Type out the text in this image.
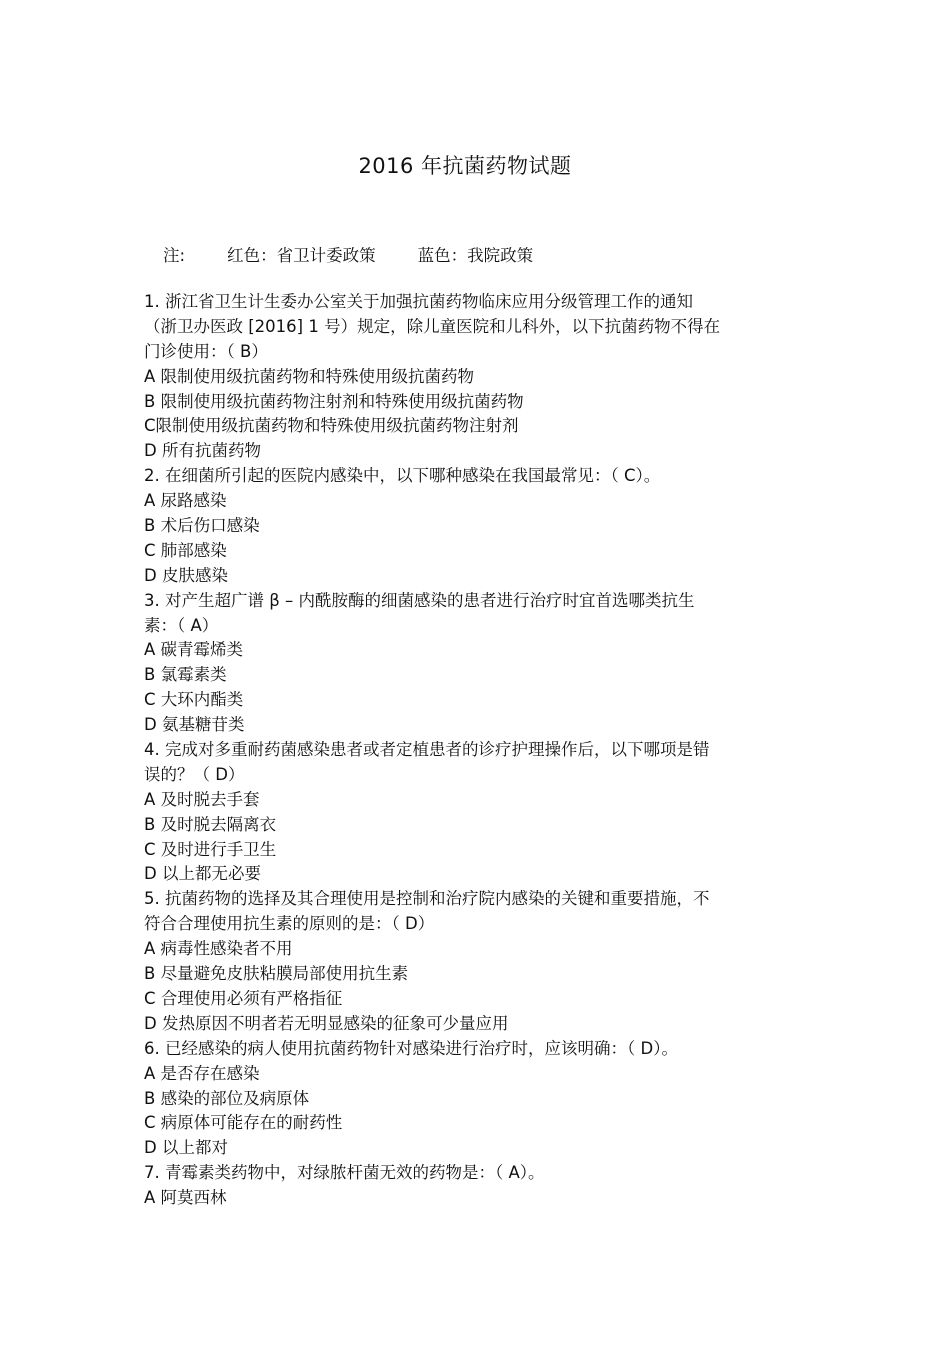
2016 年抗菌药物试题
注:	红色：省卫计委政策	蓝色：我院政策
1. 浙江省卫生计生委办公室关于加强抗菌药物临床应用分级管理工作的通知
（浙卫办医政 [2016] 1 号）规定，除儿童医院和儿科外，以下抗菌药物不得在
门诊使用：（ B）
A 限制使用级抗菌药物和特殊使用级抗菌药物
B 限制使用级抗菌药物注射剂和特殊使用级抗菌药物
C限制使用级抗菌药物和特殊使用级抗菌药物注射剂
D 所有抗菌药物
2. 在细菌所引起的医院内感染中，以下哪种感染在我国最常见：（ C）。
A 尿路感染
B 术后伤口感染
C 肺部感染
D 皮肤感染
3. 对产生超广谱 β – 内酰胺酶的细菌感染的患者进行治疗时宜首选哪类抗生
素：（ A）
A 碳青霉烯类
B 氯霉素类
C 大环内酯类
D 氨基糖苷类
4. 完成对多重耐药菌感染患者或者定植患者的诊疗护理操作后，以下哪项是错
误的？（ D）
A 及时脱去手套
B 及时脱去隔离衣
C 及时进行手卫生
D 以上都无必要
5. 抗菌药物的选择及其合理使用是控制和治疗院内感染的关键和重要措施，不
符合合理使用抗生素的原则的是：（ D）
A 病毒性感染者不用
B 尽量避免皮肤粘膜局部使用抗生素
C 合理使用必须有严格指征
D 发热原因不明者若无明显感染的征象可少量应用
6. 已经感染的病人使用抗菌药物针对感染进行治疗时，应该明确：（ D）。
A 是否存在感染
B 感染的部位及病原体
C 病原体可能存在的耐药性
D 以上都对
7. 青霉素类药物中，对绿脓杆菌无效的药物是：（ A）。
A 阿莫西林
